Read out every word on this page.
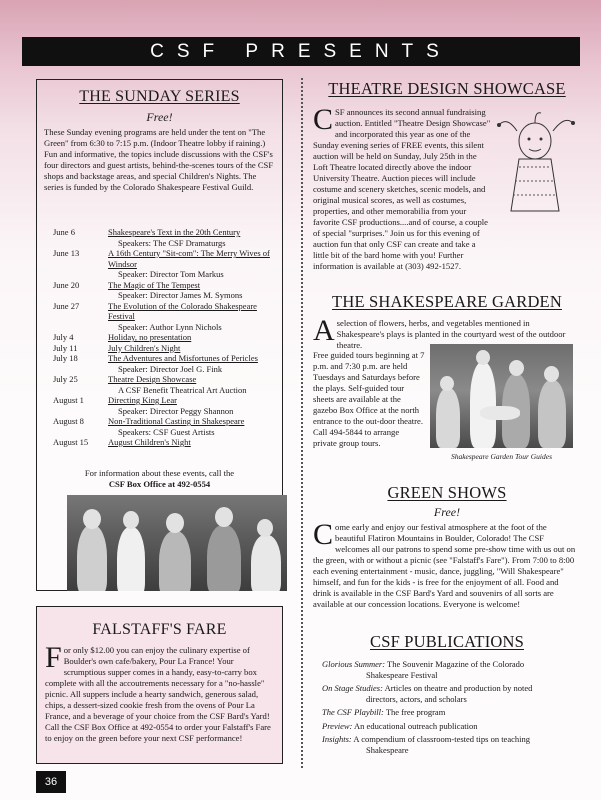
CSF PRESENTS
THE SUNDAY SERIES
Free!
These Sunday evening programs are held under the tent on "The Green" from 6:30 to 7:15 p.m. (Indoor Theatre lobby if raining.) Fun and informative, the topics include discussions with the CSF's four directors and guest artists, behind-the-scenes tours of the CSF shops and backstage areas, and special Children's Nights. The series is funded by the Colorado Shakespeare Festival Guild.
June 6	Shakespeare's Text in the 20th Century
Speakers: The CSF Dramaturgs
June 13	A 16th Century "Sit-com": The Merry Wives of Windsor
Speaker: Director Tom Markus
June 20	The Magic of The Tempest
Speaker: Director James M. Symons
June 27	The Evolution of the Colorado Shakespeare Festival
Speaker: Author Lynn Nichols
July 4	Holiday, no presentation
July 11	July Children's Night
July 18	The Adventures and Misfortunes of Pericles
Speaker: Director Joel G. Fink
July 25	Theatre Design Showcase
A CSF Benefit Theatrical Art Auction
August 1	Directing King Lear
Speaker: Director Peggy Shannon
August 8	Non-Traditional Casting in Shakespeare
Speakers: CSF Guest Artists
August 15	August Children's Night
For information about these events, call the
CSF Box Office at 492-0554
FALSTAFF'S FARE
F or only $12.00 you can enjoy the culinary expertise of Boulder's own cafe/bakery, Pour La France! Your scrumptious supper comes in a handy, easy-to-carry box complete with all the accoutrements necessary for a "no-hassle" picnic. All suppers include a hearty sandwich, generous salad, chips, a dessert-sized cookie fresh from the ovens of Pour La France, and a beverage of your choice from the CSF Bard's Yard! Call the CSF Box Office at 492-0554 to order your Falstaff's Fare to enjoy on the green before your next CSF performance!
THEATRE DESIGN SHOWCASE
C SF announces its second annual fundraising auction. Entitled "Theatre Design Showcase" and incorporated this year as one of the Sunday evening series of FREE events, this silent auction will be held on Sunday, July 25th in the Loft Theatre located directly above the indoor University Theatre. Auction pieces will include costume and scenery sketches, scenic models, and original musical scores, as well as costumes, properties, and other memorabilia from your favorite CSF productions....and of course, a couple of special "surprises." Join us for this evening of auction fun that only CSF can create and take a little bit of the bard home with you! Further information is available at (303) 492-1527.
THE SHAKESPEARE GARDEN
A selection of flowers, herbs, and vegetables mentioned in Shakespeare's plays is planted in the courtyard west of the outdoor theatre.
Free guided tours beginning at 7 p.m. and 7:30 p.m. are held Tuesdays and Saturdays before the plays. Self-guided tour sheets are available at the gazebo Box Office at the north entrance to the out-door theatre. Call 494-5844 to arrange private group tours.
Shakespeare Garden Tour Guides
GREEN SHOWS
Free!
C ome early and enjoy our festival atmosphere at the foot of the beautiful Flatiron Mountains in Boulder, Colorado! The CSF welcomes all our patrons to spend some pre-show time with us out on the green, with or without a picnic (see "Falstaff's Fare"). From 7:00 to 8:00 each evening entertainment - music, dance, juggling, "Will Shakespeare" himself, and fun for the kids - is free for the enjoyment of all. Food and drink is available in the CSF Bard's Yard and souvenirs of all sorts are available at our concession locations. Everyone is welcome!
CSF PUBLICATIONS
Glorious Summer: The Souvenir Magazine of the Colorado
Shakespeare Festival
On Stage Studies: Articles on theatre and production by noted
directors, actors, and scholars
The CSF Playbill: The free program
Preview: An educational outreach publication
Insights: A compendium of classroom-tested tips on teaching
Shakespeare
36
